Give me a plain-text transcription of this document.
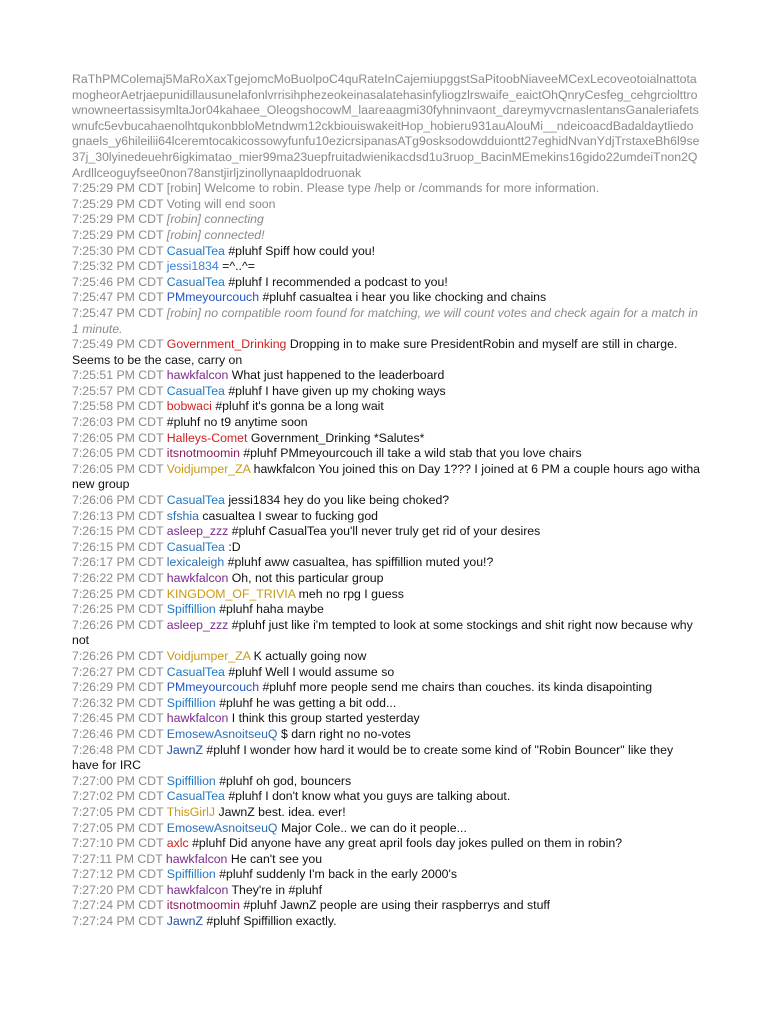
RaThPMColemaj5MaRoXaxTgejomcMoBuolpoC4quRateInCajemiupggstSaPitoobNiaveeMCexLecoveotoialnattotamogheorAetrjaepunidillausunelafonlvrrisihphezeokeinasalatehasinfyliogzlrswaife_eaictOhQnryCesfeg_cehgrciolttrownowneertassisymltaJor04kahaee_OleogshocowM_laareaagmi30fyhninvaont_dareymyvcrnaslentansGanaleriafetswnufc5evbucahaenolhtqukonbbloMetndwm12ckbiouiswakeitHop_hobieru931auAlouMi__ndeicoacdBadaldaytliedognaels_y6hileilii64lceremtocakicossowyfunfu10ezicrsipanasATg9osksodowdduiontt27eghidNvanYdjTrstaxeBh6l9se37j_30lyinedeuehr6igkimatao_mier99ma23uepfruitadwienikacdsd1u3ruop_BacinMEmekins16gido22umdeiTnon2QArdllceoguyfsee0non78anstjirljzinollynaapldodruonak
7:25:29 PM CDT [robin] Welcome to robin. Please type /help or /commands for more information.
7:25:29 PM CDT Voting will end soon
7:25:29 PM CDT [robin] connecting
7:25:29 PM CDT [robin] connected!
7:25:30 PM CDT CasualTea #pluhf Spiff how could you!
7:25:32 PM CDT jessi1834 =^..^=
7:25:46 PM CDT CasualTea #pluhf I recommended a podcast to you!
7:25:47 PM CDT PMmeyourcouch #pluhf casualtea i hear you like chocking and chains
7:25:47 PM CDT [robin] no compatible room found for matching, we will count votes and check again for a match in 1 minute.
7:25:49 PM CDT Government_Drinking Dropping in to make sure PresidentRobin and myself are still in charge. Seems to be the case, carry on
7:25:51 PM CDT hawkfalcon What just happened to the leaderboard
7:25:57 PM CDT CasualTea #pluhf I have given up my choking ways
7:25:58 PM CDT bobwaci #pluhf it's gonna be a long wait
7:26:03 PM CDT #pluhf no t9 anytime soon
7:26:05 PM CDT Halleys-Comet Government_Drinking *Salutes*
7:26:05 PM CDT itsnotmoomin #pluhf PMmeyourcouch ill take a wild stab that you love chairs
7:26:05 PM CDT Voidjumper_ZA hawkfalcon You joined this on Day 1??? I joined at 6 PM a couple hours ago witha new group
7:26:06 PM CDT CasualTea jessi1834 hey do you like being choked?
7:26:13 PM CDT sfshia casualtea I swear to fucking god
7:26:15 PM CDT asleep_zzz #pluhf CasualTea you'll never truly get rid of your desires
7:26:15 PM CDT CasualTea :D
7:26:17 PM CDT lexicaleigh #pluhf aww casualtea, has spiffillion muted you!?
7:26:22 PM CDT hawkfalcon Oh, not this particular group
7:26:25 PM CDT KINGDOM_OF_TRIVIA meh no rpg I guess
7:26:25 PM CDT Spiffillion #pluhf haha maybe
7:26:26 PM CDT asleep_zzz #pluhf just like i'm tempted to look at some stockings and shit right now because why not
7:26:26 PM CDT Voidjumper_ZA K actually going now
7:26:27 PM CDT CasualTea #pluhf Well I would assume so
7:26:29 PM CDT PMmeyourcouch #pluhf more people send me chairs than couches. its kinda disapointing
7:26:32 PM CDT Spiffillion #pluhf he was getting a bit odd...
7:26:45 PM CDT hawkfalcon I think this group started yesterday
7:26:46 PM CDT EmosewAsnoitseuQ $ darn right no no-votes
7:26:48 PM CDT JawnZ #pluhf I wonder how hard it would be to create some kind of "Robin Bouncer" like they have for IRC
7:27:00 PM CDT Spiffillion #pluhf oh god, bouncers
7:27:02 PM CDT CasualTea #pluhf I don't know what you guys are talking about.
7:27:05 PM CDT ThisGirlJ JawnZ best. idea. ever!
7:27:05 PM CDT EmosewAsnoitseuQ Major Cole.. we can do it people...
7:27:10 PM CDT axlc #pluhf Did anyone have any great april fools day jokes pulled on them in robin?
7:27:11 PM CDT hawkfalcon He can't see you
7:27:12 PM CDT Spiffillion #pluhf suddenly I'm back in the early 2000's
7:27:20 PM CDT hawkfalcon They're in #pluhf
7:27:24 PM CDT itsnotmoomin #pluhf JawnZ people are using their raspberrys and stuff
7:27:24 PM CDT JawnZ #pluhf Spiffillion exactly.
